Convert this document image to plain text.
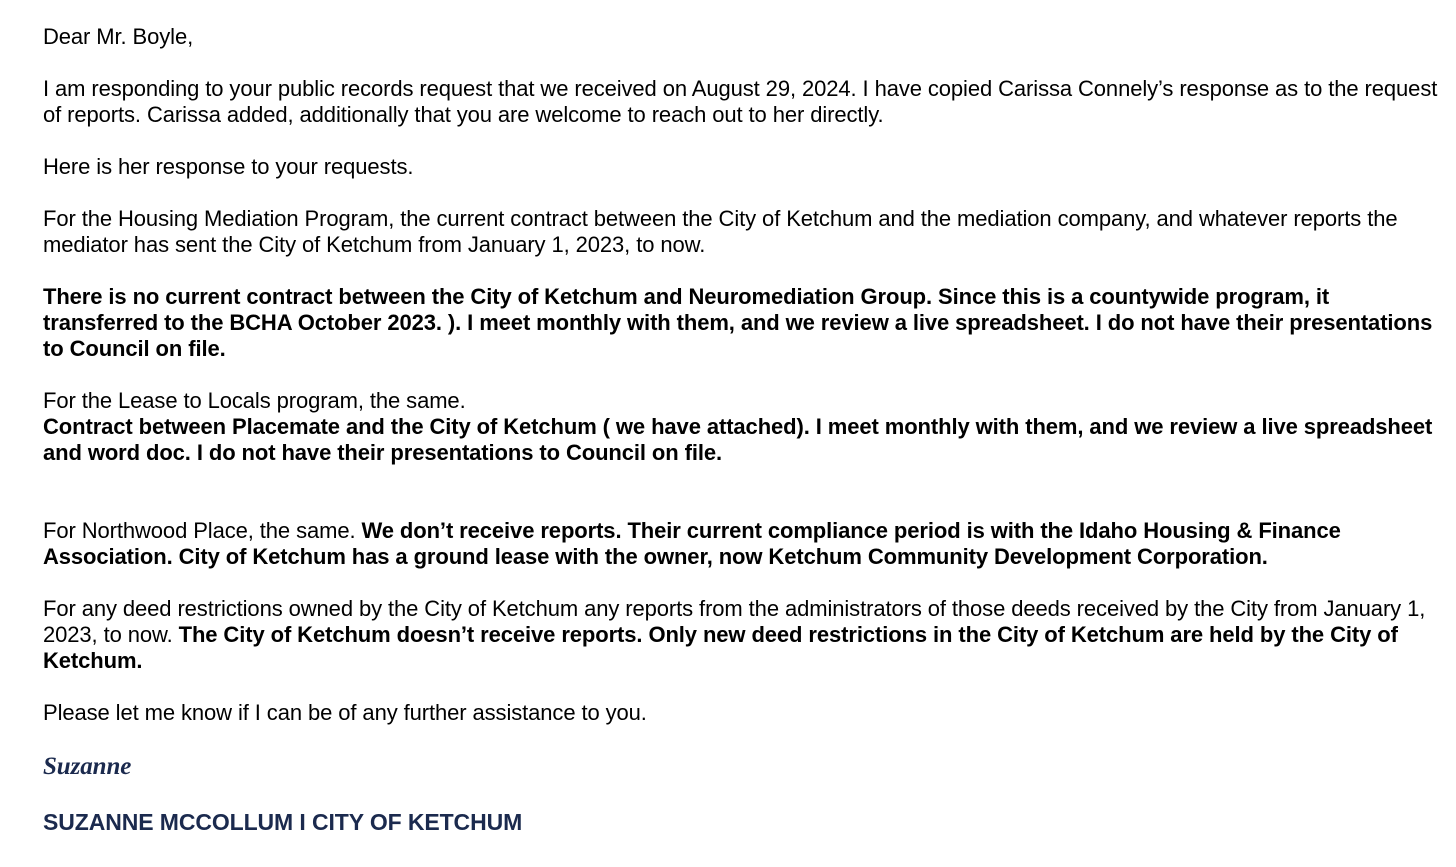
Dear Mr. Boyle,

I am responding to your public records request that we received on August 29, 2024. I have copied Carissa Connely’s response as to the request of reports. Carissa added, additionally that you are welcome to reach out to her directly.

Here is her response to your requests.

For the Housing Mediation Program, the current contract between the City of Ketchum and the mediation company, and whatever reports the mediator has sent the City of Ketchum from January 1, 2023, to now.

There is no current contract between the City of Ketchum and Neuromediation Group. Since this is a countywide program, it transferred to the BCHA October 2023. ). I meet monthly with them, and we review a live spreadsheet. I do not have their presentations to Council on file.

For the Lease to Locals program, the same.

Contract between Placemate and the City of Ketchum ( we have attached). I meet monthly with them, and we review a live spreadsheet and word doc. I do not have their presentations to Council on file.

For Northwood Place, the same. We don’t receive reports. Their current compliance period is with the Idaho Housing & Finance Association. City of Ketchum has a ground lease with the owner, now Ketchum Community Development Corporation.

For any deed restrictions owned by the City of Ketchum any reports from the administrators of those deeds received by the City from January 1, 2023, to now. The City of Ketchum doesn’t receive reports. Only new deed restrictions in the City of Ketchum are held by the City of Ketchum.

Please let me know if I can be of any further assistance to you.

Suzanne
SUZANNE MCCOLLUM I CITY OF KETCHUM
